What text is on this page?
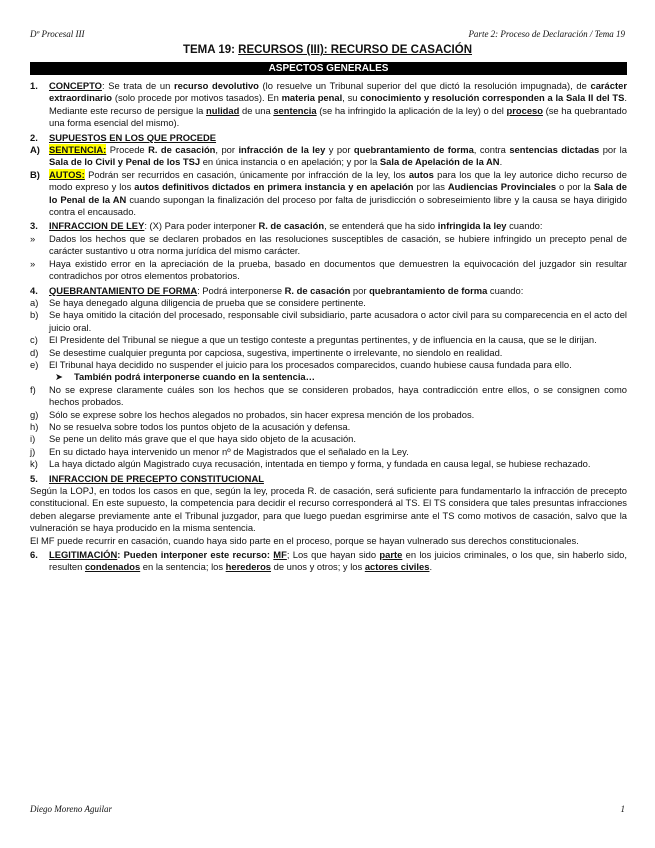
Dº Procesal III	Parte 2: Proceso de Declaración / Tema 19
TEMA 19: RECURSOS (III): RECURSO DE CASACIÓN
ASPECTOS GENERALES
1.	CONCEPTO: Se trata de un recurso devolutivo (lo resuelve un Tribunal superior del que dictó la resolución impugnada), de carácter extraordinario (solo procede por motivos tasados). En materia penal, su conocimiento y resolución corresponden a la Sala II del TS. Mediante este recurso de persigue la nulidad de una sentencia (se ha infringido la aplicación de la ley) o del proceso (se ha quebrantado una forma esencial del mismo).
2.	SUPUESTOS EN LOS QUE PROCEDE
A) SENTENCIA: Procede R. de casación, por infracción de la ley y por quebrantamiento de forma, contra sentencias dictadas por la Sala de lo Civil y Penal de los TSJ en única instancia o en apelación; y por la Sala de Apelación de la AN.
B) AUTOS: Podrán ser recurridos en casación, únicamente por infracción de la ley, los autos para los que la ley autorice dicho recurso de modo expreso y los autos definitivos dictados en primera instancia y en apelación por las Audiencias Provinciales o por la Sala de lo Penal de la AN cuando supongan la finalización del proceso por falta de jurisdicción o sobreseimiento libre y la causa se haya dirigido contra el encausado.
3.	INFRACCION DE LEY: (X) Para poder interponer R. de casación, se entenderá que ha sido infringida la ley cuando:
»	Dados los hechos que se declaren probados en las resoluciones susceptibles de casación, se hubiere infringido un precepto penal de carácter sustantivo u otra norma jurídica del mismo carácter.
»	Haya existido error en la apreciación de la prueba, basado en documentos que demuestren la equivocación del juzgador sin resultar contradichos por otros elementos probatorios.
4.	QUEBRANTAMIENTO DE FORMA: Podrá interponerse R. de casación por quebrantamiento de forma cuando:
a)	Se haya denegado alguna diligencia de prueba que se considere pertinente.
b)	Se haya omitido la citación del procesado, responsable civil subsidiario, parte acusadora o actor civil para su comparecencia en el acto del juicio oral.
c)	El Presidente del Tribunal se niegue a que un testigo conteste a preguntas pertinentes, y de influencia en la causa, que se le dirijan.
d)	Se desestime cualquier pregunta por capciosa, sugestiva, impertinente o irrelevante, no siendolo en realidad.
e)	El Tribunal haya decidido no suspender el juicio para los procesados comparecidos, cuando hubiese causa fundada para ello.
➤	También podrá interponerse cuando en la sentencia…
f)	No se exprese claramente cuáles son los hechos que se consideren probados, haya contradicción entre ellos, o se consignen como hechos probados.
g)	Sólo se exprese sobre los hechos alegados no probados, sin hacer expresa mención de los probados.
h)	No se resuelva sobre todos los puntos objeto de la acusación y defensa.
i)	Se pene un delito más grave que el que haya sido objeto de la acusación.
j)	En su dictado haya intervenido un menor nº de Magistrados que el señalado en la Ley.
k)	La haya dictado algún Magistrado cuya recusación, intentada en tiempo y forma, y fundada en causa legal, se hubiese rechazado.
5.	INFRACCION DE PRECEPTO CONSTITUCIONAL
Según la LOPJ, en todos los casos en que, según la ley, proceda R. de casación, será suficiente para fundamentarlo la infracción de precepto constitucional. En este supuesto, la competencia para decidir el recurso corresponderá al TS. El TS considera que tales presuntas infracciones deben alegarse previamente ante el Tribunal juzgador, para que luego puedan esgrimirse ante el TS como motivos de casación, salvo que la vulneración se haya producido en la misma sentencia.
El MF puede recurrir en casación, cuando haya sido parte en el proceso, porque se hayan vulnerado sus derechos constitucionales.
6.	LEGITIMACIÓN: Pueden interponer este recurso: MF; Los que hayan sido parte en los juicios criminales, o los que, sin haberlo sido, resulten condenados en la sentencia; los herederos de unos y otros; y los actores civiles.
Diego Moreno Aguilar	1
